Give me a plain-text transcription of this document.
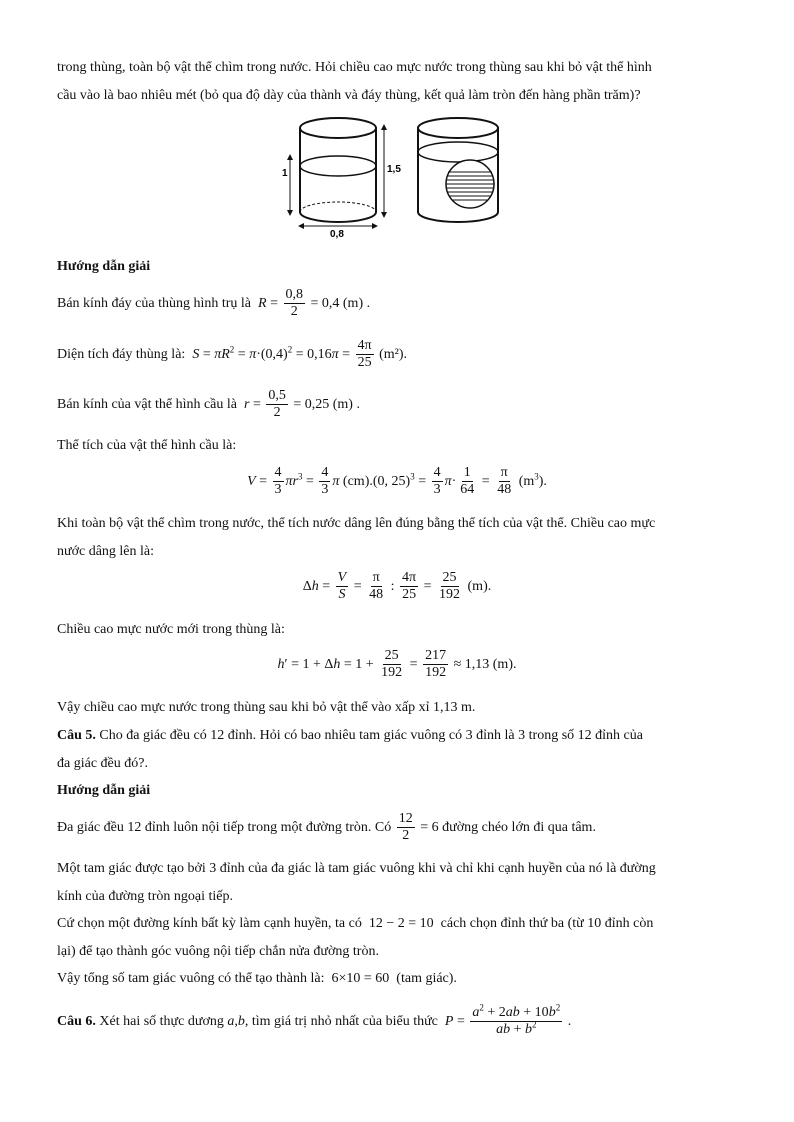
trong thùng, toàn bộ vật thể chìm trong nước. Hỏi chiều cao mực nước trong thùng sau khi bỏ vật thể hình
cầu vào là bao nhiêu mét (bỏ qua độ dày của thành và đáy thùng, kết quả làm tròn đến hàng phần trăm)?
1	1,5
0,8
Hướng dẫn giải
Bán kính đáy của thùng hình trụ là $R = \frac{0,8}{2} = 0,4$ (m) .
Diện tích đáy thùng là: $S = \pi R^2 = \pi\cdot(0,4)^2 = 0,16\pi = \frac{4\pi}{25} (m^2)$.
Bán kính của vật thể hình cầu là $r = \frac{0,5}{2} = 0,25$ (m) .
Thể tích của vật thể hình cầu là:
$V = \frac{4}{3} \pi r^3 = \frac{4}{3}$ π (cm).(0, $25)^3 = \frac{4}{3} \pi\cdot \frac{1}{64} = \frac{\pi}{48} (m^3)$.
Khi toàn bộ vật thể chìm trong nước, thể tích nước dâng lên đúng bằng thể tích của vật thể. Chiều cao mực
nước dâng lên là:
$\Delta h = \frac{V}{S} = \frac{\pi}{48}$ : $\frac{4\pi}{25} = \frac{25}{192} (m)$.
Chiều cao mực nước mới trong thùng là:
$h' = 1 + \Delta h = 1 + \frac{25}{192} = \frac{217}{192} \approx 1,13$ (m).
Vậy chiều cao mực nước trong thùng sau khi bỏ vật thể vào xấp xỉ 1,13 m.
Câu 5. Cho đa giác đều có 12 đỉnh. Hỏi có bao nhiêu tam giác vuông có 3 đỉnh là 3 trong số 12 đỉnh của
đa giác đều đó?.
Hướng dẫn giải
Đa giác đều 12 đỉnh luôn nội tiếp trong một đường tròn. Có $\frac{12}{2} = 6$ đường chéo lớn đi qua tâm.
Một tam giác được tạo bởi 3 đỉnh của đa giác là tam giác vuông khi và chỉ khi cạnh huyền của nó là đường
kính của đường tròn ngoại tiếp.
Cứ chọn một đường kính bất kỳ làm cạnh huyền, ta có  12 − 2 = 10  cách chọn đỉnh thứ ba (từ 10 đỉnh còn
lại) để tạo thành góc vuông nội tiếp chắn nửa đường tròn.
Vậy tổng số tam giác vuông có thể tạo thành là:  6×10 = 60  (tam giác).
Câu 6. Xét hai số thực dương a,b, tìm giá trị nhỏ nhất của biểu thức $P = \frac{a^2 + 2ab + 10b^2}{ab + b^2}$ .
